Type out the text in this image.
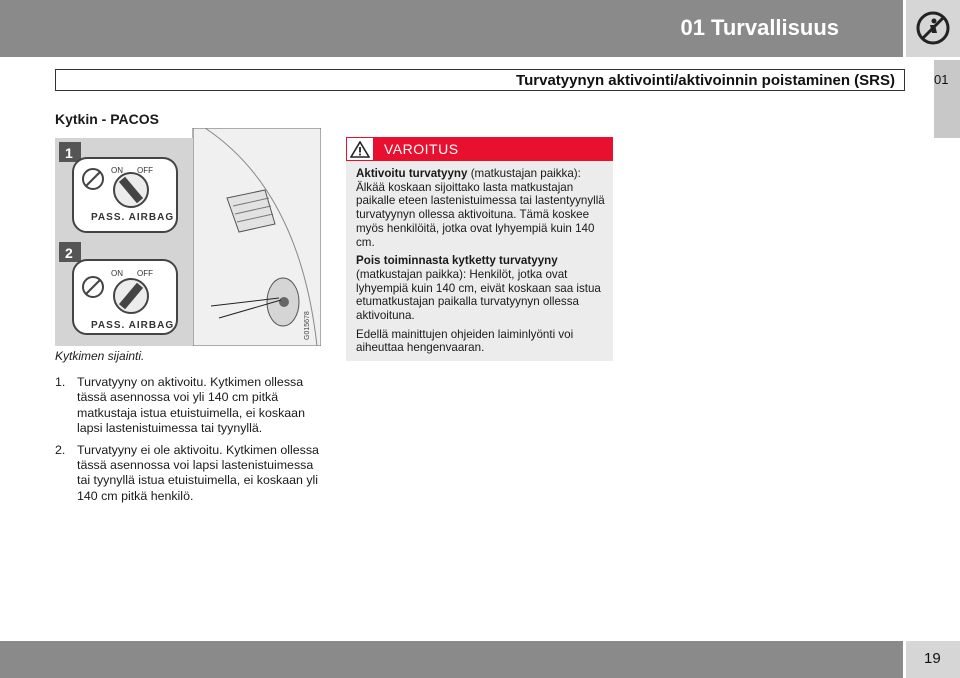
01 Turvallisuus
01
Turvatyynyn aktivointi/aktivoinnin poistaminen (SRS)
Kytkin - PACOS
1
2
ON OFF
PASS. AIRBAG
ON OFF
PASS. AIRBAG	G015678
Kytkimen sijainti.
VAROITUS

Aktivoitu turvatyyny (matkustajan paikka): Älkää koskaan sijoittako lasta matkustajan paikalle eteen lastenistuimessa tai lastentyynyllä turvatyynyn ollessa aktivoituna. Tämä koskee myös henkilöitä, jotka ovat lyhyempiä kuin 140 cm.

Pois toiminnasta kytketty turvatyyny (matkustajan paikka): Henkilöt, jotka ovat lyhyempiä kuin 140 cm, eivät koskaan saa istua etumatkustajan paikalla turvatyynyn ollessa aktivoituna.

Edellä mainittujen ohjeiden laiminlyönti voi aiheuttaa hengenvaaran.

1. Turvatyyny on aktivoitu. Kytkimen ollessa tässä asennossa voi yli 140 cm pitkä matkustaja istua etuistuimella, ei koskaan lapsi lastenistuimessa tai tyynyllä.
2. Turvatyyny ei ole aktivoitu. Kytkimen ollessa tässä asennossa voi lapsi lastenistuimessa tai tyynyllä istua etuistuimella, ei koskaan yli 140 cm pitkä henkilö.
19
